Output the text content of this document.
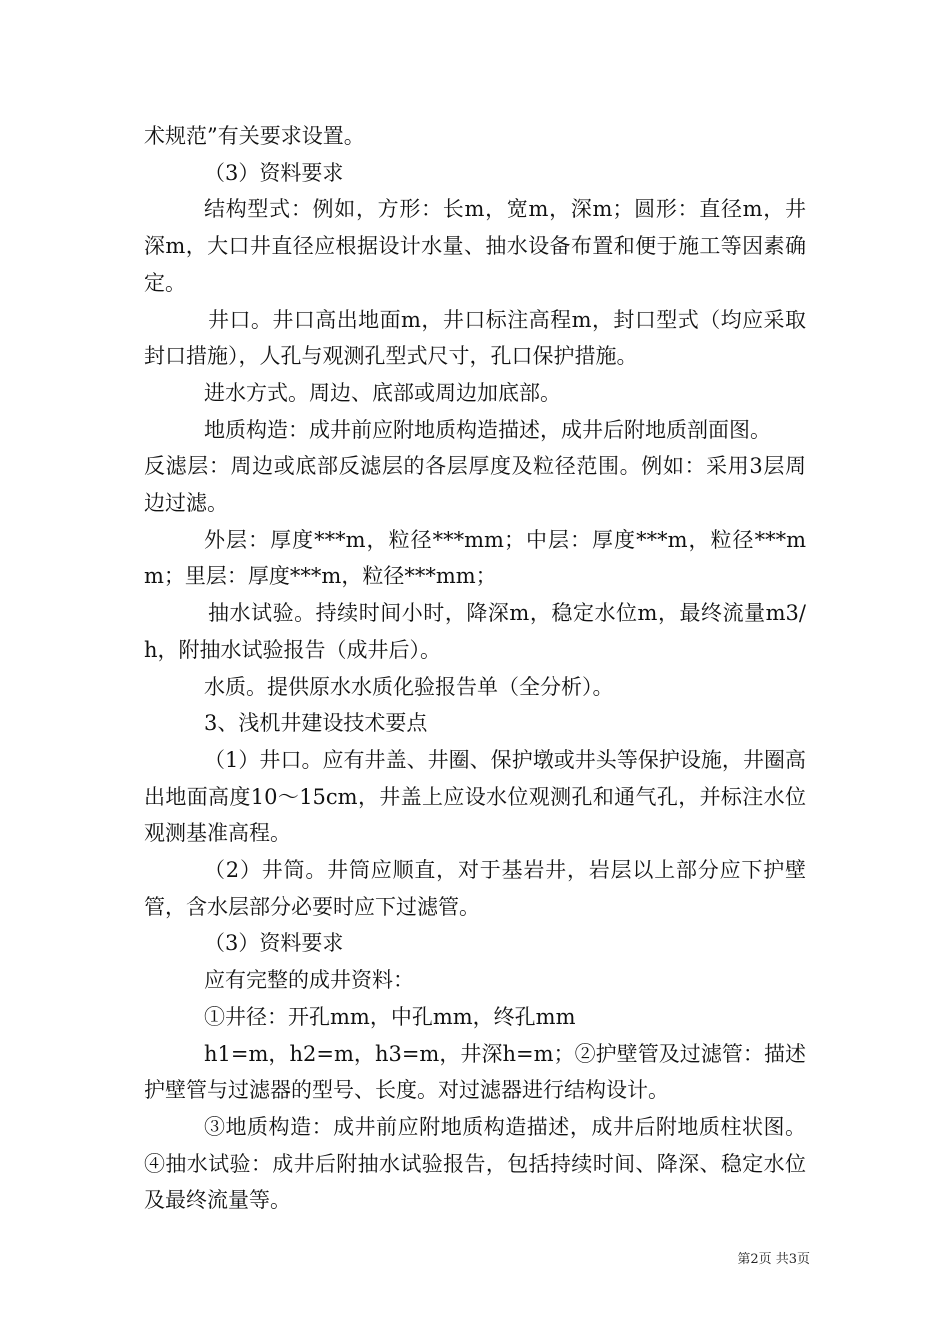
术规范”有关要求设置。

（3）资料要求

结构型式：例如，方形：长m，宽m，深m；圆形：直径m，井深m，大口井直径应根据设计水量、抽水设备布置和便于施工等因素确定。

井口。井口高出地面m，井口标注高程m，封口型式（均应采取封口措施），人孔与观测孔型式尺寸，孔口保护措施。

进水方式。周边、底部或周边加底部。

地质构造：成井前应附地质构造描述，成井后附地质剖面图。

反滤层：周边或底部反滤层的各层厚度及粒径范围。例如：采用3层周边过滤。

外层：厚度***m，粒径***mm；中层：厚度***m，粒径***mm；里层：厚度***m，粒径***mm；

抽水试验。持续时间小时，降深m，稳定水位m，最终流量m3/h，附抽水试验报告（成井后）。

水质。提供原水水质化验报告单（全分析）。

3、浅机井建设技术要点

（1）井口。应有井盖、井圈、保护墩或井头等保护设施，井圈高出地面高度10～15cm，井盖上应设水位观测孔和通气孔，并标注水位观测基准高程。

（2）井筒。井筒应顺直，对于基岩井，岩层以上部分应下护壁管，含水层部分必要时应下过滤管。

（3）资料要求

应有完整的成井资料：

①井径：开孔mm，中孔mm，终孔mm

h1=m，h2=m，h3=m，井深h=m；②护壁管及过滤管：描述护壁管与过滤器的型号、长度。对过滤器进行结构设计。

③地质构造：成井前应附地质构造描述，成井后附地质柱状图。④抽水试验：成井后附抽水试验报告，包括持续时间、降深、稳定水位及最终流量等。

第2页 共3页
